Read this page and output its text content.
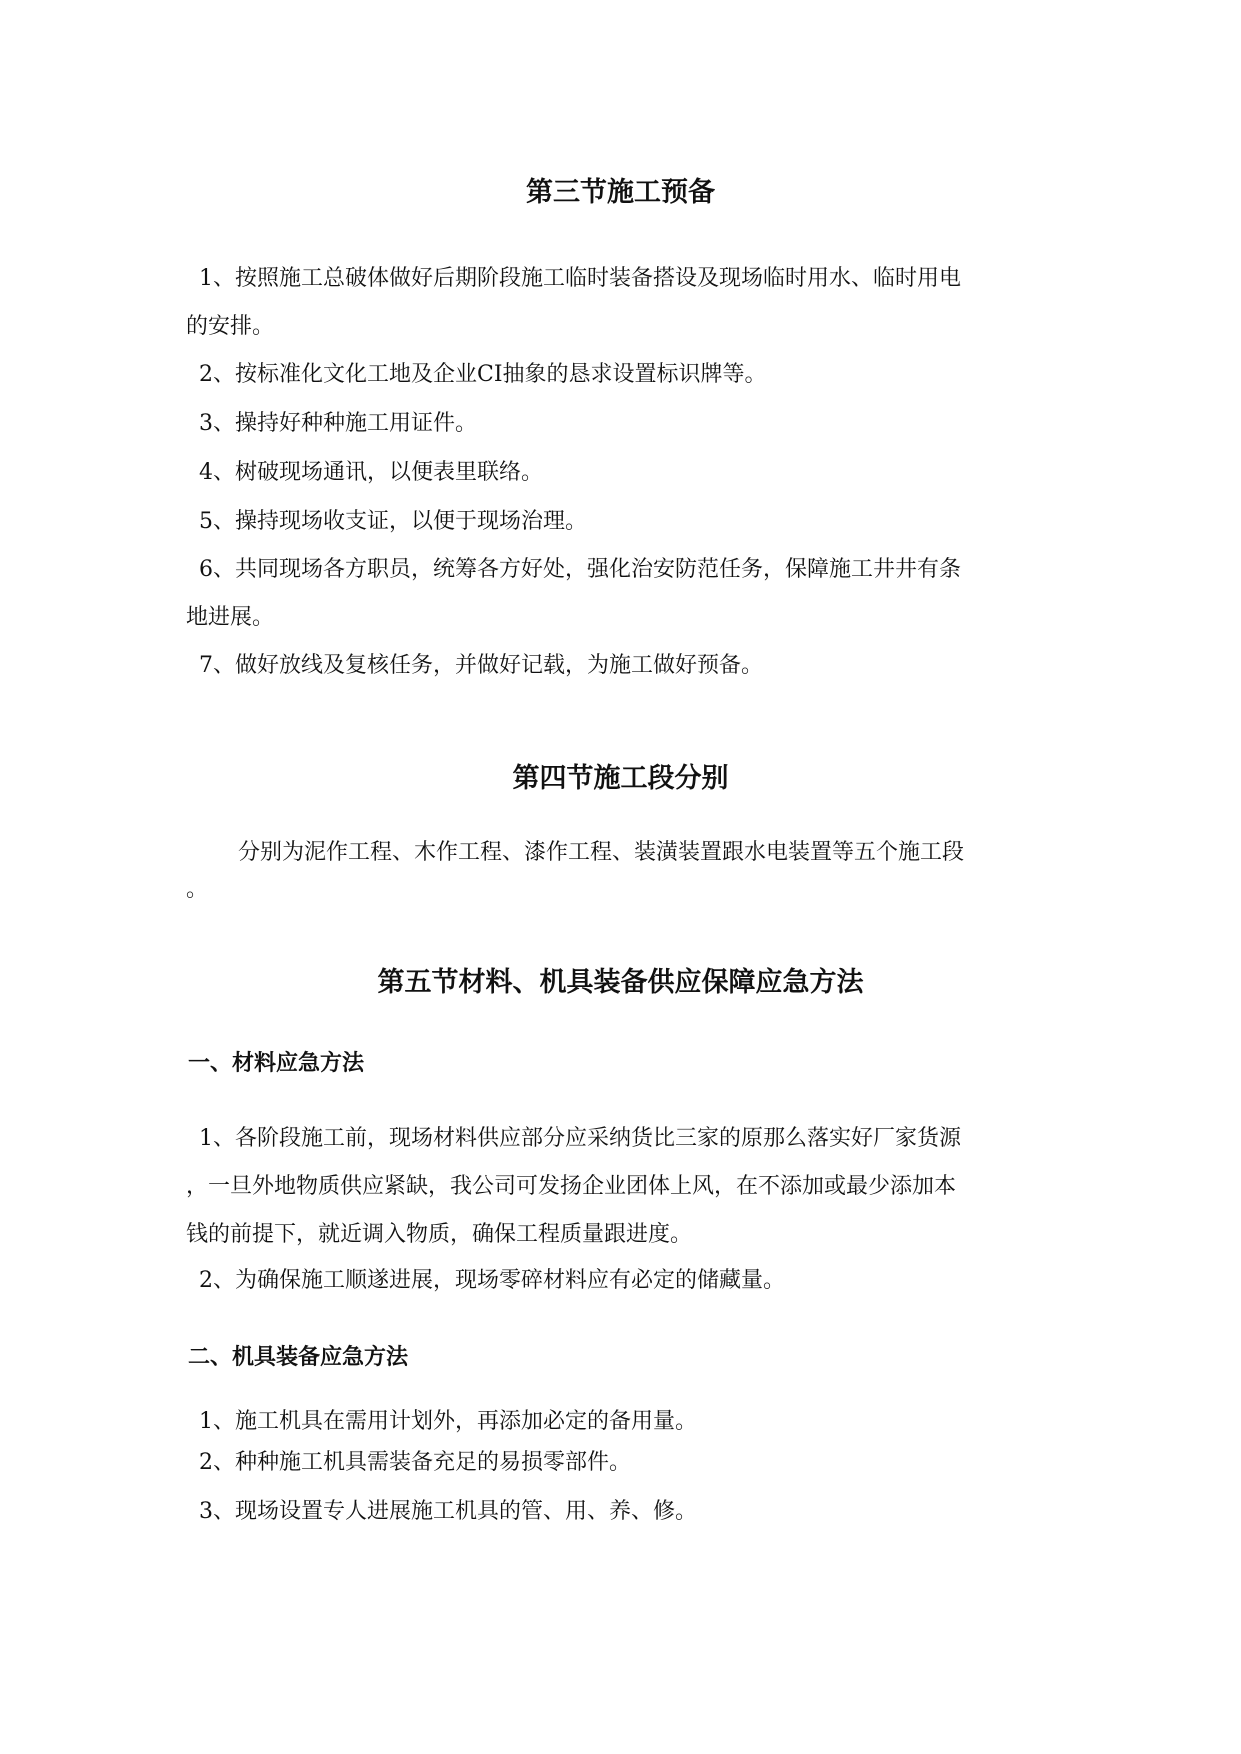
第三节施工预备
1、按照施工总破体做好后期阶段施工临时装备搭设及现场临时用水、临时用电
的安排。
2、按标准化文化工地及企业CI抽象的恳求设置标识牌等。
3、操持好种种施工用证件。
4、树破现场通讯，以便表里联络。
5、操持现场收支证，以便于现场治理。
6、共同现场各方职员，统筹各方好处，强化治安防范任务，保障施工井井有条
地进展。
7、做好放线及复核任务，并做好记载，为施工做好预备。
第四节施工段分别
分别为泥作工程、木作工程、漆作工程、装潢装置跟水电装置等五个施工段
。
第五节材料、机具装备供应保障应急方法
一、材料应急方法
1、各阶段施工前，现场材料供应部分应采纳货比三家的原那么落实好厂家货源
，一旦外地物质供应紧缺，我公司可发扬企业团体上风，在不添加或最少添加本
钱的前提下，就近调入物质，确保工程质量跟进度。
2、为确保施工顺遂进展，现场零碎材料应有必定的储藏量。
二、机具装备应急方法
1、施工机具在需用计划外，再添加必定的备用量。
2、种种施工机具需装备充足的易损零部件。
3、现场设置专人进展施工机具的管、用、养、修。
